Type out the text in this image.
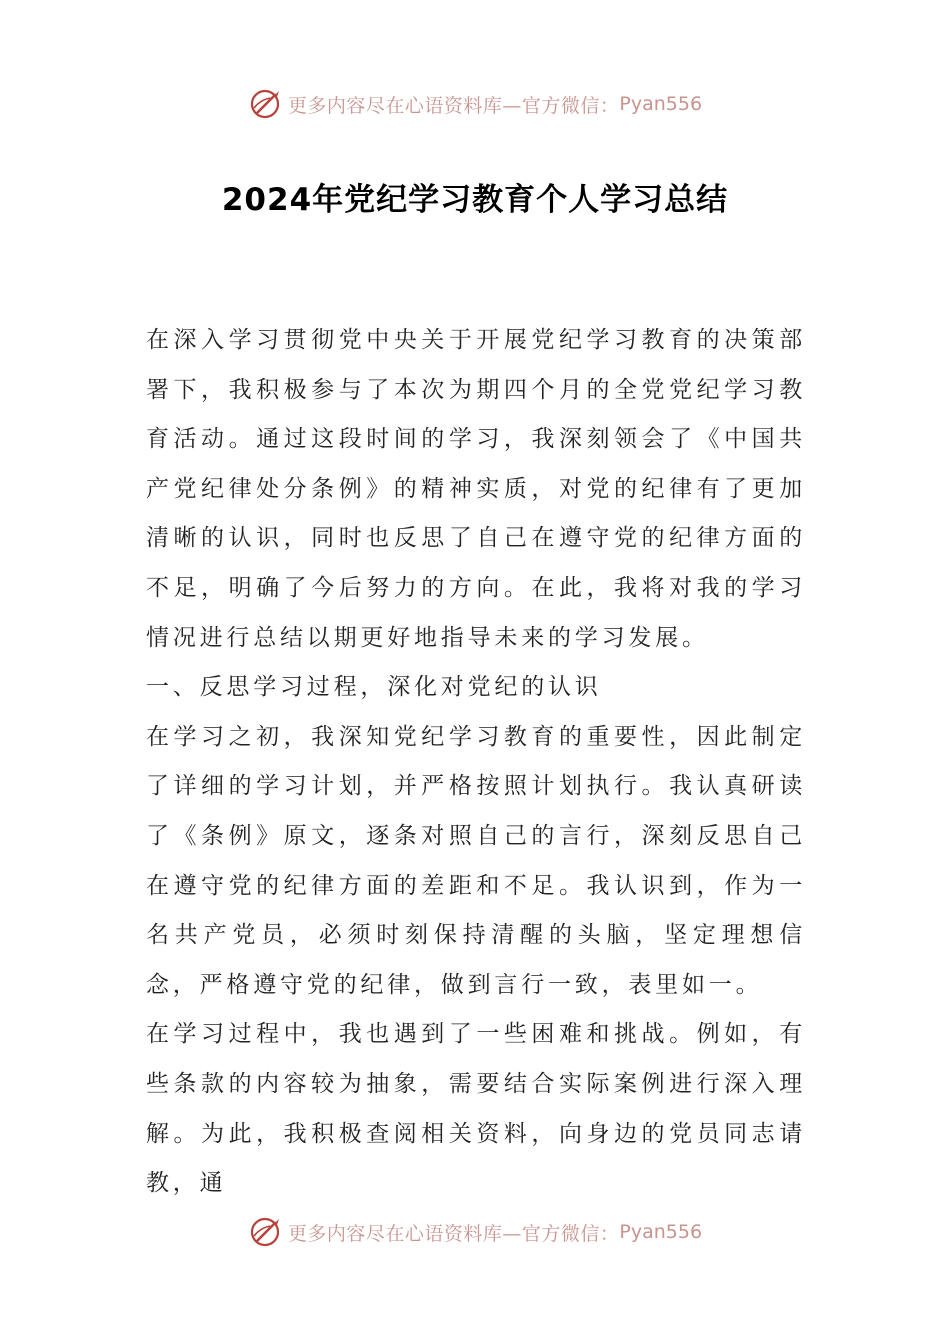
更多内容尽在心语资料库—官方微信： Pyan556
2024年党纪学习教育个人学习总结

在深入学习贯彻党中央关于开展党纪学习教育的决策部署下，我积极参与了本次为期四个月的全党党纪学习教育活动。通过这段时间的学习，我深刻领会了《中国共产党纪律处分条例》的精神实质，对党的纪律有了更加清晰的认识，同时也反思了自己在遵守党的纪律方面的不足，明确了今后努力的方向。在此，我将对我的学习情况进行总结以期更好地指导未来的学习发展。

一、反思学习过程，深化对党纪的认识

在学习之初，我深知党纪学习教育的重要性，因此制定了详细的学习计划，并严格按照计划执行。我认真研读了《条例》原文，逐条对照自己的言行，深刻反思自己在遵守党的纪律方面的差距和不足。我认识到，作为一名共产党员，必须时刻保持清醒的头脑，坚定理想信念，严格遵守党的纪律，做到言行一致，表里如一。

在学习过程中，我也遇到了一些困难和挑战。例如，有些条款的内容较为抽象，需要结合实际案例进行深入理解。为此，我积极查阅相关资料，向身边的党员同志请教，通

更多内容尽在心语资料库—官方微信： Pyan556
